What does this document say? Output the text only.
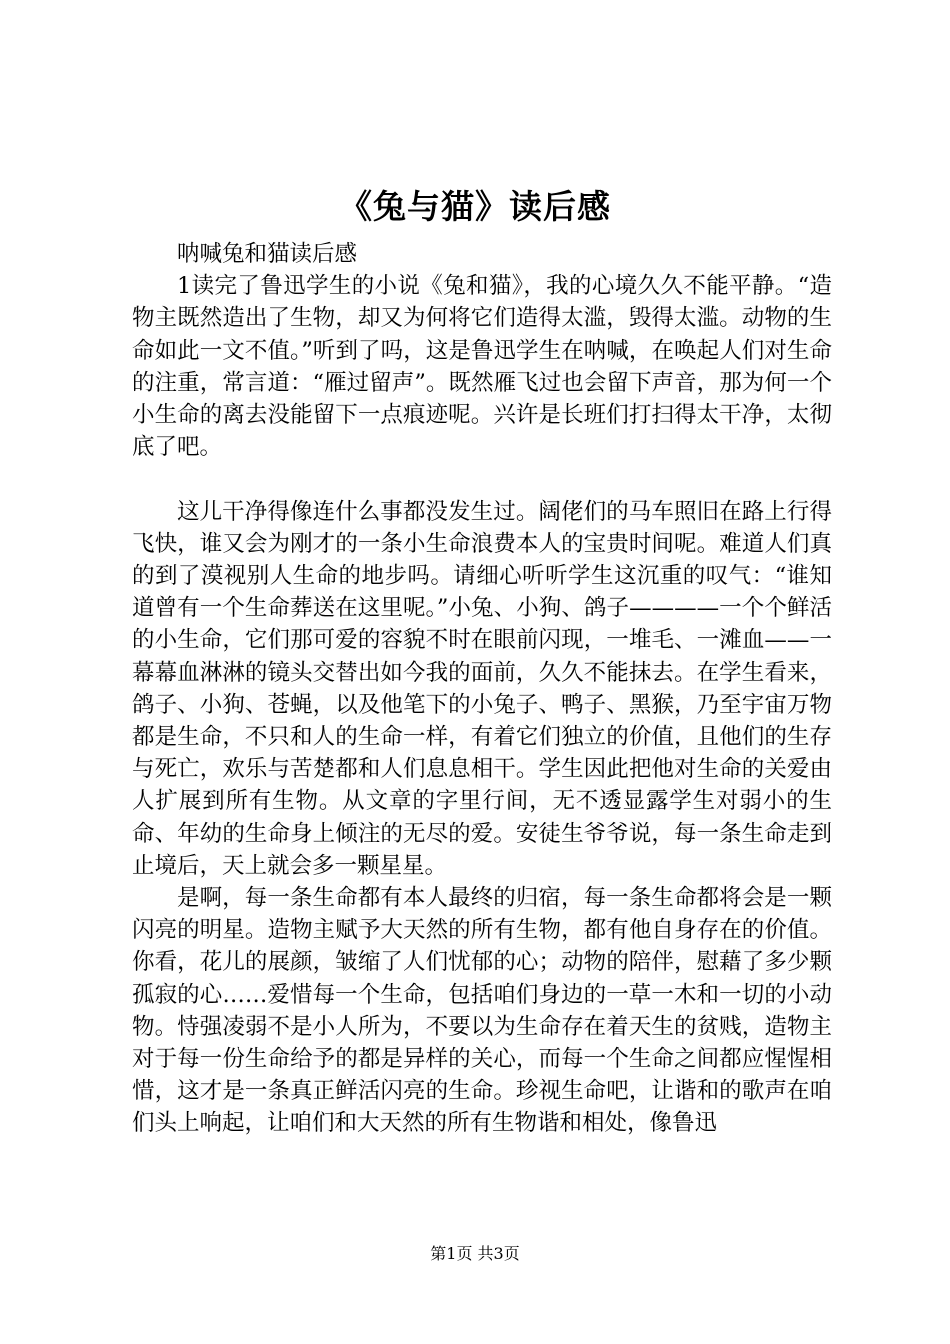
《兔与猫》读后感

呐喊兔和猫读后感

1读完了鲁迅学生的小说《兔和猫》，我的心境久久不能平静。“造物主既然造出了生物，却又为何将它们造得太滥，毁得太滥。动物的生命如此一文不值。”听到了吗，这是鲁迅学生在呐喊，在唤起人们对生命的注重，常言道：“雁过留声”。既然雁飞过也会留下声音，那为何一个小生命的离去没能留下一点痕迹呢。兴许是长班们打扫得太干净，太彻底了吧。

这儿干净得像连什么事都没发生过。阔佬们的马车照旧在路上行得飞快，谁又会为刚才的一条小生命浪费本人的宝贵时间呢。难道人们真的到了漠视别人生命的地步吗。请细心听听学生这沉重的叹气：“谁知道曾有一个生命葬送在这里呢。”小兔、小狗、鸽子————一个个鲜活的小生命，它们那可爱的容貌不时在眼前闪现，一堆毛、一滩血——一幕幕血淋淋的镜头交替出如今我的面前，久久不能抹去。在学生看来，鸽子、小狗、苍蝇，以及他笔下的小兔子、鸭子、黑猴，乃至宇宙万物都是生命，不只和人的生命一样，有着它们独立的价值，且他们的生存与死亡，欢乐与苦楚都和人们息息相干。学生因此把他对生命的关爱由人扩展到所有生物。从文章的字里行间，无不透显露学生对弱小的生命、年幼的生命身上倾注的无尽的爱。安徒生爷爷说，每一条生命走到止境后，天上就会多一颗星星。

是啊，每一条生命都有本人最终的归宿，每一条生命都将会是一颗闪亮的明星。造物主赋予大天然的所有生物，都有他自身存在的价值。你看，花儿的展颜，皱缩了人们忧郁的心；动物的陪伴，慰藉了多少颗孤寂的心……爱惜每一个生命，包括咱们身边的一草一木和一切的小动物。恃强凌弱不是小人所为，不要以为生命存在着天生的贫贱，造物主对于每一份生命给予的都是异样的关心，而每一个生命之间都应惺惺相惜，这才是一条真正鲜活闪亮的生命。珍视生命吧，让谐和的歌声在咱们头上响起，让咱们和大天然的所有生物谐和相处，像鲁迅

第1页 共3页
